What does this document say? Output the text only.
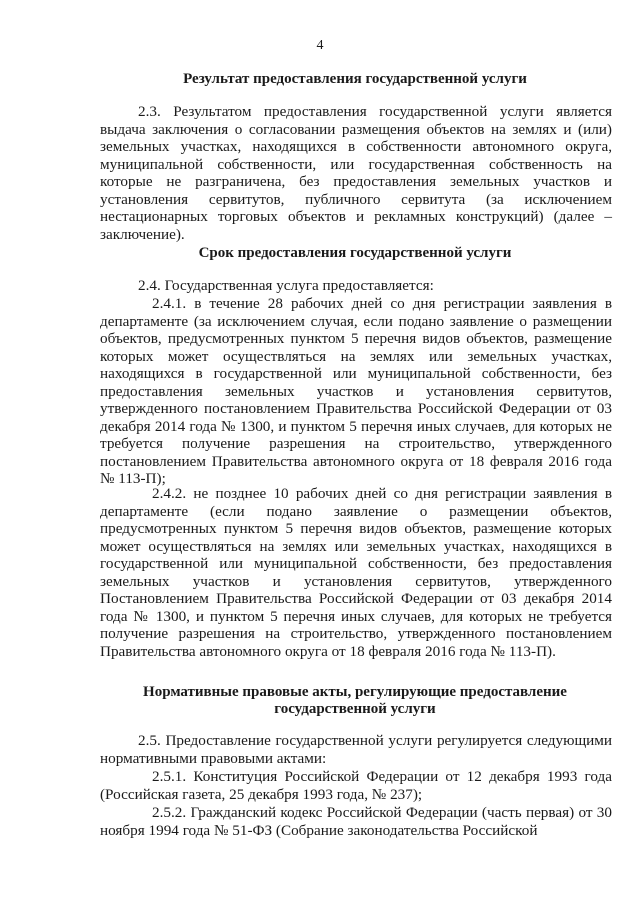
4
Результат предоставления государственной услуги
2.3. Результатом предоставления государственной услуги является выдача заключения о согласовании размещения объектов на землях и (или) земельных участках, находящихся в собственности автономного округа, муниципальной собственности, или государственная собственность на которые не разграничена, без предоставления земельных участков и установления сервитутов, публичного сервитута (за исключением нестационарных торговых объектов и рекламных конструкций) (далее – заключение).
Срок предоставления государственной услуги
2.4. Государственная услуга предоставляется:
2.4.1. в течение 28 рабочих дней со дня регистрации заявления в департаменте (за исключением случая, если подано заявление о размещении объектов, предусмотренных пунктом 5 перечня видов объектов, размещение которых может осуществляться на землях или земельных участках, находящихся в государственной или муниципальной собственности, без предоставления земельных участков и установления сервитутов, утвержденного постановлением Правительства Российской Федерации от 03 декабря 2014 года № 1300, и пунктом 5 перечня иных случаев, для которых не требуется получение разрешения на строительство, утвержденного постановлением Правительства автономного округа от 18 февраля 2016 года № 113-П);
2.4.2. не позднее 10 рабочих дней со дня регистрации заявления в департаменте (если подано заявление о размещении объектов, предусмотренных пунктом 5 перечня видов объектов, размещение которых может осуществляться на землях или земельных участках, находящихся в государственной или муниципальной собственности, без предоставления земельных участков и установления сервитутов, утвержденного Постановлением Правительства Российской Федерации от 03 декабря 2014 года № 1300, и пунктом 5 перечня иных случаев, для которых не требуется получение разрешения на строительство, утвержденного постановлением Правительства автономного округа от 18 февраля 2016 года № 113-П).
Нормативные правовые акты, регулирующие предоставление
государственной услуги
2.5. Предоставление государственной услуги регулируется следующими нормативными правовыми актами:
2.5.1. Конституция Российской Федерации от 12 декабря 1993 года (Российская газета, 25 декабря 1993 года, № 237);
2.5.2. Гражданский кодекс Российской Федерации (часть первая) от 30 ноября 1994 года № 51-ФЗ (Собрание законодательства Российской
